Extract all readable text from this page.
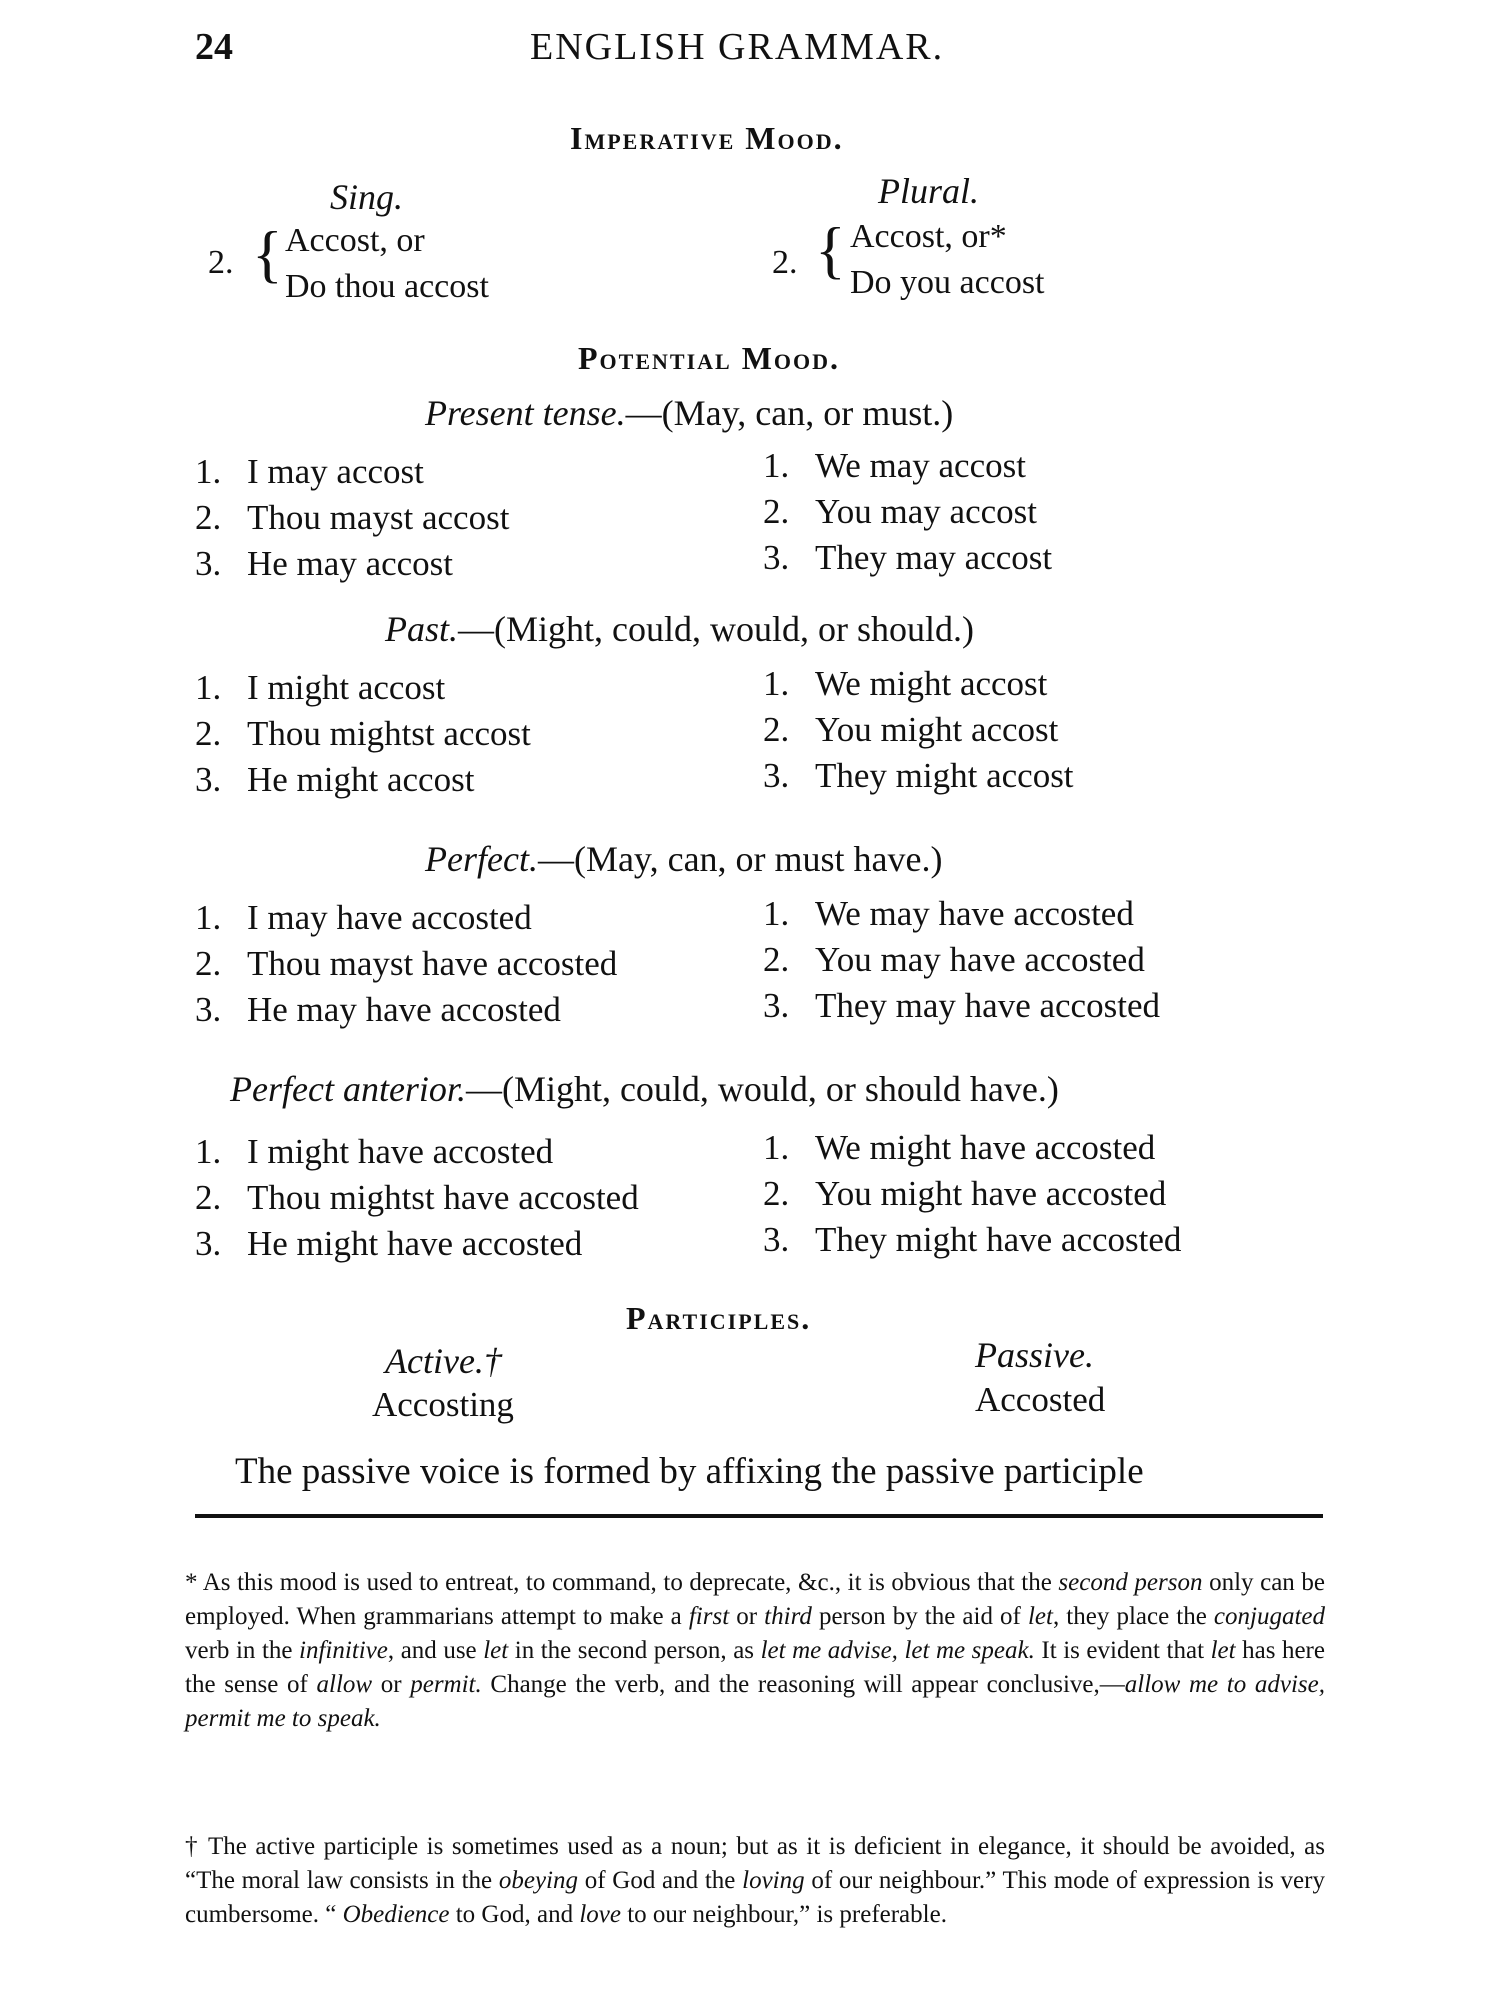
24	ENGLISH GRAMMAR.
Imperative Mood.
Sing.	Plural.
2. { Accost, or
Do thou accost
2. { Accost, or*
Do you accost
Potential Mood.
Present tense.—(May, can, or must.)
1. I may accost
2. Thou mayst accost
3. He may accost
1. We may accost
2. You may accost
3. They may accost
Past.—(Might, could, would, or should.)
1. I might accost
2. Thou mightst accost
3. He might accost
1. We might accost
2. You might accost
3. They might accost
Perfect.—(May, can, or must have.)
1. I may have accosted
2. Thou mayst have accosted
3. He may have accosted
1. We may have accosted
2. You may have accosted
3. They may have accosted
Perfect anterior.—(Might, could, would, or should have.)
1. I might have accosted
2. Thou mightst have accosted
3. He might have accosted
1. We might have accosted
2. You might have accosted
3. They might have accosted
Participles.
Active.†
Accosting
Passive.
Accosted
The passive voice is formed by affixing the passive participle

* As this mood is used to entreat, to command, to deprecate, &c., it is obvious that the second person only can be employed. When grammarians attempt to make a first or third person by the aid of let, they place the conjugated verb in the infinitive, and use let in the second person, as let me advise, let me speak. It is evident that let has here the sense of allow or permit. Change the verb, and the reasoning will appear conclusive,—allow me to advise, permit me to speak.

† The active participle is sometimes used as a noun; but as it is deficient in elegance, it should be avoided, as “The moral law consists in the obeying of God and the loving of our neighbour.” This mode of expression is very cumbersome. “ Obedience to God, and love to our neighbour,” is preferable.
